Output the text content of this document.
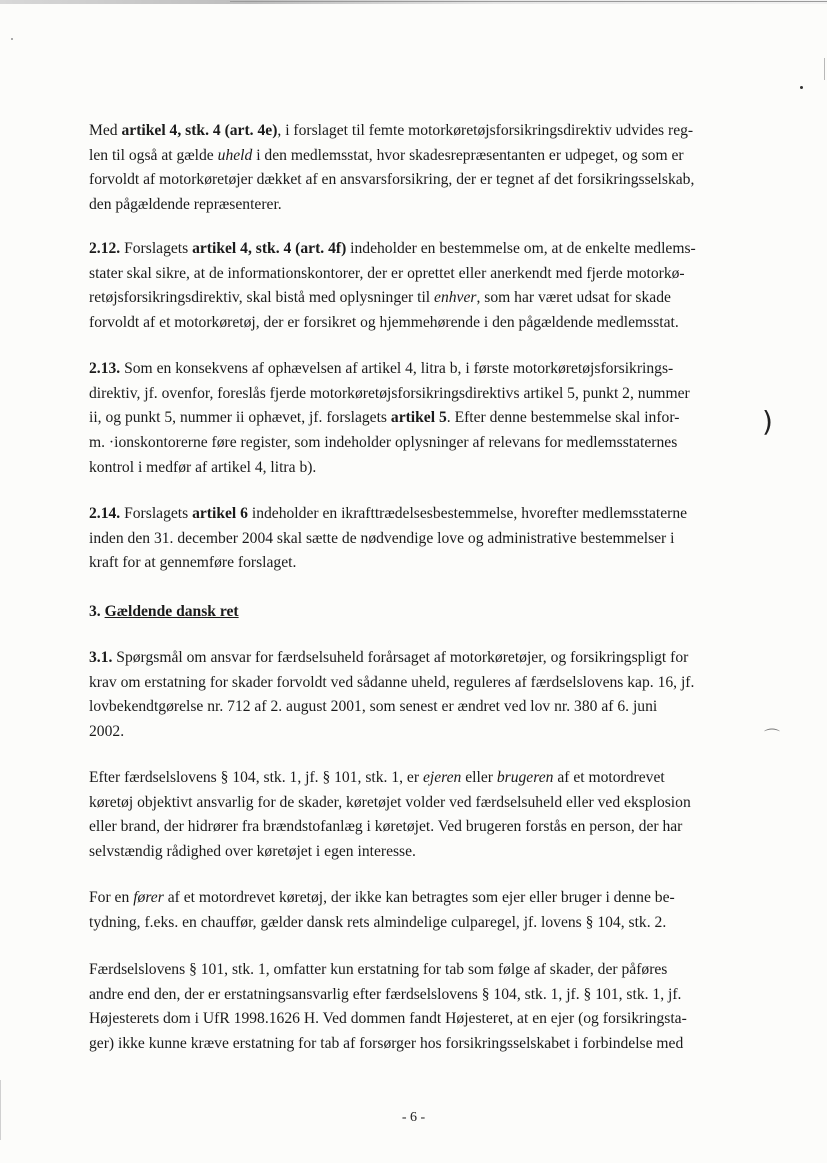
Med artikel 4, stk. 4 (art. 4e), i forslaget til femte motorkøretøjsforsikringsdirektiv udvides reg-
len til også at gælde uheld i den medlemsstat, hvor skadesrepræsentanten er udpeget, og som er
forvoldt af motorkøretøjer dækket af en ansvarsforsikring, der er tegnet af det forsikringsselskab,
den pågældende repræsenterer.
2.12. Forslagets artikel 4, stk. 4 (art. 4f) indeholder en bestemmelse om, at de enkelte medlems-
stater skal sikre, at de informationskontorer, der er oprettet eller anerkendt med fjerde motorkø-
retøjsforsikringsdirektiv, skal bistå med oplysninger til enhver, som har været udsat for skade
forvoldt af et motorkøretøj, der er forsikret og hjemmehørende i den pågældende medlemsstat.
2.13. Som en konsekvens af ophævelsen af artikel 4, litra b, i første motorkøretøjsforsikrings-
direktiv, jf. ovenfor, foreslås fjerde motorkøretøjsforsikringsdirektivs artikel 5, punkt 2, nummer
ii, og punkt 5, nummer ii ophævet, jf. forslagets artikel 5. Efter denne bestemmelse skal infor-
m. ·ionskontorerne føre register, som indeholder oplysninger af relevans for medlemsstaternes
kontrol i medfør af artikel 4, litra b).
2.14. Forslagets artikel 6 indeholder en ikrafttrædelsesbestemmelse, hvorefter medlemsstaterne
inden den 31. december 2004 skal sætte de nødvendige love og administrative bestemmelser i
kraft for at gennemføre forslaget.
3. Gældende dansk ret
3.1. Spørgsmål om ansvar for færdselsuheld forårsaget af motorkøretøjer, og forsikringspligt for
krav om erstatning for skader forvoldt ved sådanne uheld, reguleres af færdselslovens kap. 16, jf.
lovbekendtgørelse nr. 712 af 2. august 2001, som senest er ændret ved lov nr. 380 af 6. juni
2002.
Efter færdselslovens § 104, stk. 1, jf. § 101, stk. 1, er ejeren eller brugeren af et motordrevet
køretøj objektivt ansvarlig for de skader, køretøjet volder ved færdselsuheld eller ved eksplosion
eller brand, der hidrører fra brændstofanlæg i køretøjet. Ved brugeren forstås en person, der har
selvstændig rådighed over køretøjet i egen interesse.
For en fører af et motordrevet køretøj, der ikke kan betragtes som ejer eller bruger i denne be-
tydning, f.eks. en chauffør, gælder dansk rets almindelige culparegel, jf. lovens § 104, stk. 2.
Færdselslovens § 101, stk. 1, omfatter kun erstatning for tab som følge af skader, der påføres
andre end den, der er erstatningsansvarlig efter færdselslovens § 104, stk. 1, jf. § 101, stk. 1, jf.
Højesterets dom i UfR 1998.1626 H. Ved dommen fandt Højesteret, at en ejer (og forsikringsta-
ger) ikke kunne kræve erstatning for tab af forsørger hos forsikringsselskabet i forbindelse med
)
⌒
- 6 -
